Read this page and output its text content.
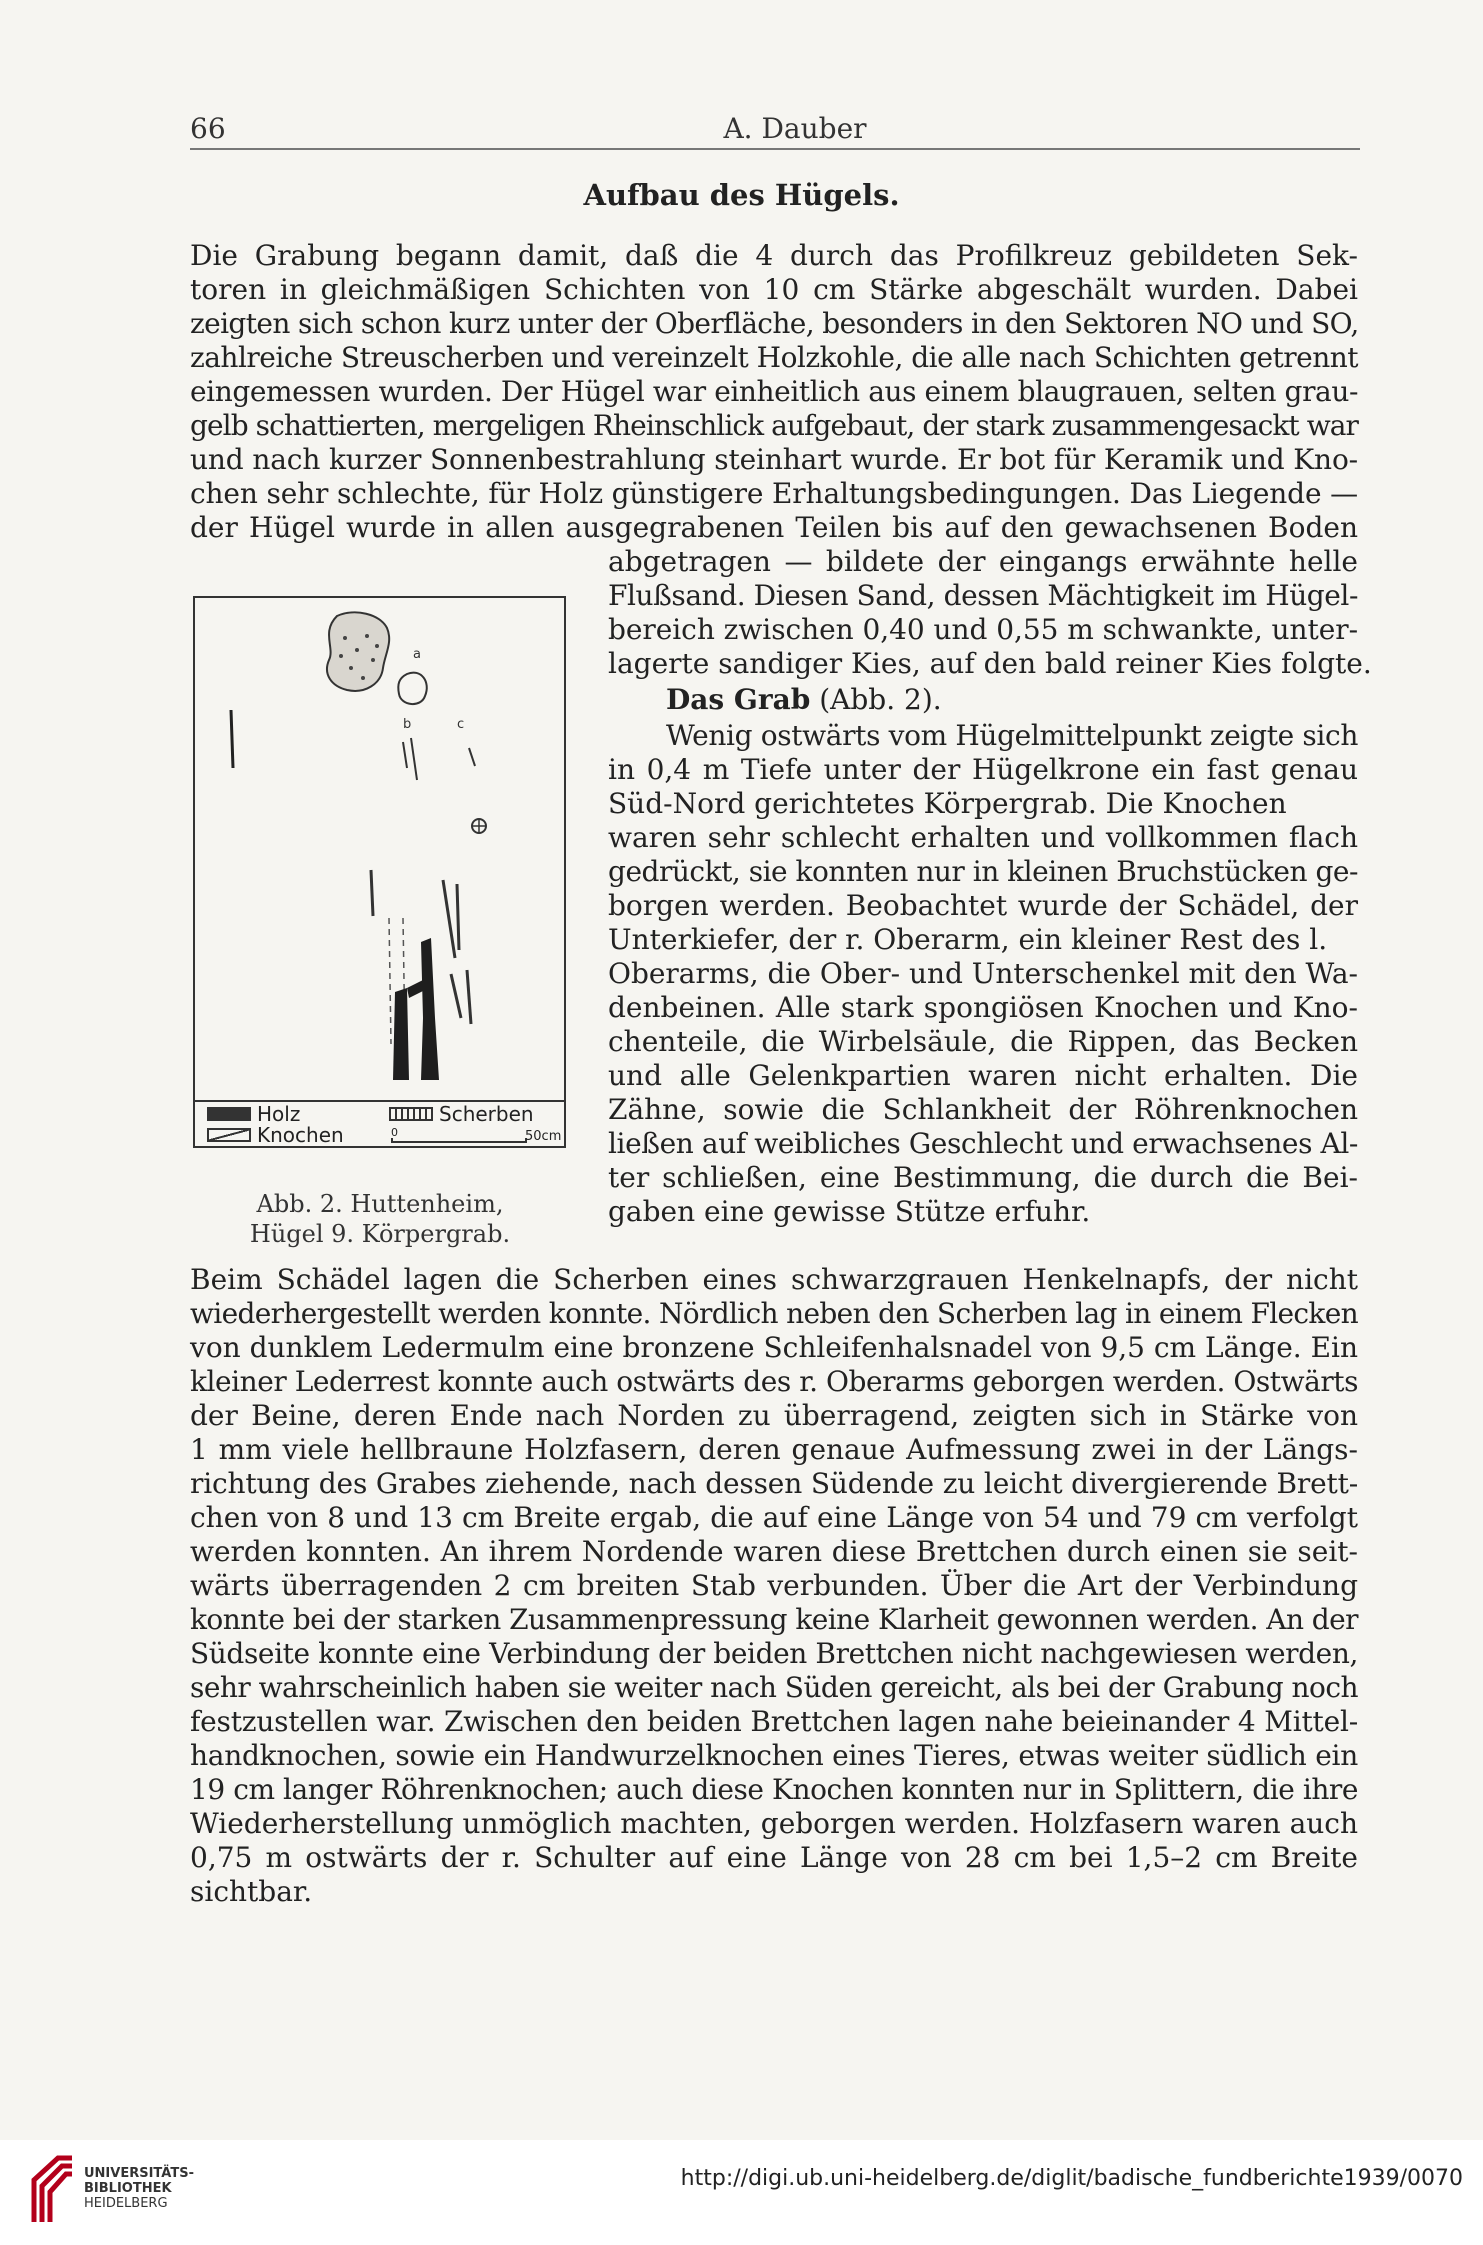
66	A. Dauber
Aufbau des Hügels.
Die Grabung begann damit, daß die 4 durch das Profilkreuz gebildeten Sek-
toren in gleichmäßigen Schichten von 10 cm Stärke abgeschält wurden. Dabei
zeigten sich schon kurz unter der Oberfläche, besonders in den Sektoren NO und SO,
zahlreiche Streuscherben und vereinzelt Holzkohle, die alle nach Schichten getrennt
eingemessen wurden. Der Hügel war einheitlich aus einem blaugrauen, selten grau-
gelb schattierten, mergeligen Rheinschlick aufgebaut, der stark zusammengesackt war
und nach kurzer Sonnenbestrahlung steinhart wurde. Er bot für Keramik und Kno-
chen sehr schlechte, für Holz günstigere Erhaltungsbedingungen. Das Liegende —
der Hügel wurde in allen ausgegrabenen Teilen bis auf den gewachsenen Boden
abgetragen — bildete der eingangs erwähnte helle
Flußsand. Diesen Sand, dessen Mächtigkeit im Hügel-
bereich zwischen 0,40 und 0,55 m schwankte, unter-
lagerte sandiger Kies, auf den bald reiner Kies folgte.
Das Grab (Abb. 2).
Wenig ostwärts vom Hügelmittelpunkt zeigte sich
in 0,4 m Tiefe unter der Hügelkrone ein fast genau
Süd-Nord gerichtetes Körpergrab. Die Knochen
waren sehr schlecht erhalten und vollkommen flach
gedrückt, sie konnten nur in kleinen Bruchstücken ge-
borgen werden. Beobachtet wurde der Schädel, der
Unterkiefer, der r. Oberarm, ein kleiner Rest des l.
Oberarms, die Ober- und Unterschenkel mit den Wa-
denbeinen. Alle stark spongiösen Knochen und Kno-
chenteile, die Wirbelsäule, die Rippen, das Becken
und alle Gelenkpartien waren nicht erhalten. Die
Zähne, sowie die Schlankheit der Röhrenknochen
ließen auf weibliches Geschlecht und erwachsenes Al-
ter schließen, eine Bestimmung, die durch die Bei-
gaben eine gewisse Stütze erfuhr.
a
b	c
Holz	Scherben
Knochen	0	50cm
Abb. 2. Huttenheim,
Hügel 9. Körpergrab.
Beim Schädel lagen die Scherben eines schwarzgrauen Henkelnapfs, der nicht
wiederhergestellt werden konnte. Nördlich neben den Scherben lag in einem Flecken
von dunklem Ledermulm eine bronzene Schleifenhalsnadel von 9,5 cm Länge. Ein
kleiner Lederrest konnte auch ostwärts des r. Oberarms geborgen werden. Ostwärts
der Beine, deren Ende nach Norden zu überragend, zeigten sich in Stärke von
1 mm viele hellbraune Holzfasern, deren genaue Aufmessung zwei in der Längs-
richtung des Grabes ziehende, nach dessen Südende zu leicht divergierende Brett-
chen von 8 und 13 cm Breite ergab, die auf eine Länge von 54 und 79 cm verfolgt
werden konnten. An ihrem Nordende waren diese Brettchen durch einen sie seit-
wärts überragenden 2 cm breiten Stab verbunden. Über die Art der Verbindung
konnte bei der starken Zusammenpressung keine Klarheit gewonnen werden. An der
Südseite konnte eine Verbindung der beiden Brettchen nicht nachgewiesen werden,
sehr wahrscheinlich haben sie weiter nach Süden gereicht, als bei der Grabung noch
festzustellen war. Zwischen den beiden Brettchen lagen nahe beieinander 4 Mittel-
handknochen, sowie ein Handwurzelknochen eines Tieres, etwas weiter südlich ein
19 cm langer Röhrenknochen; auch diese Knochen konnten nur in Splittern, die ihre
Wiederherstellung unmöglich machten, geborgen werden. Holzfasern waren auch
0,75 m ostwärts der r. Schulter auf eine Länge von 28 cm bei 1,5–2 cm Breite
sichtbar.
UNIVERSITÄTS-
BIBLIOTHEK
HEIDELBERG
http://digi.ub.uni-heidelberg.de/diglit/badische_fundberichte1939/0070
